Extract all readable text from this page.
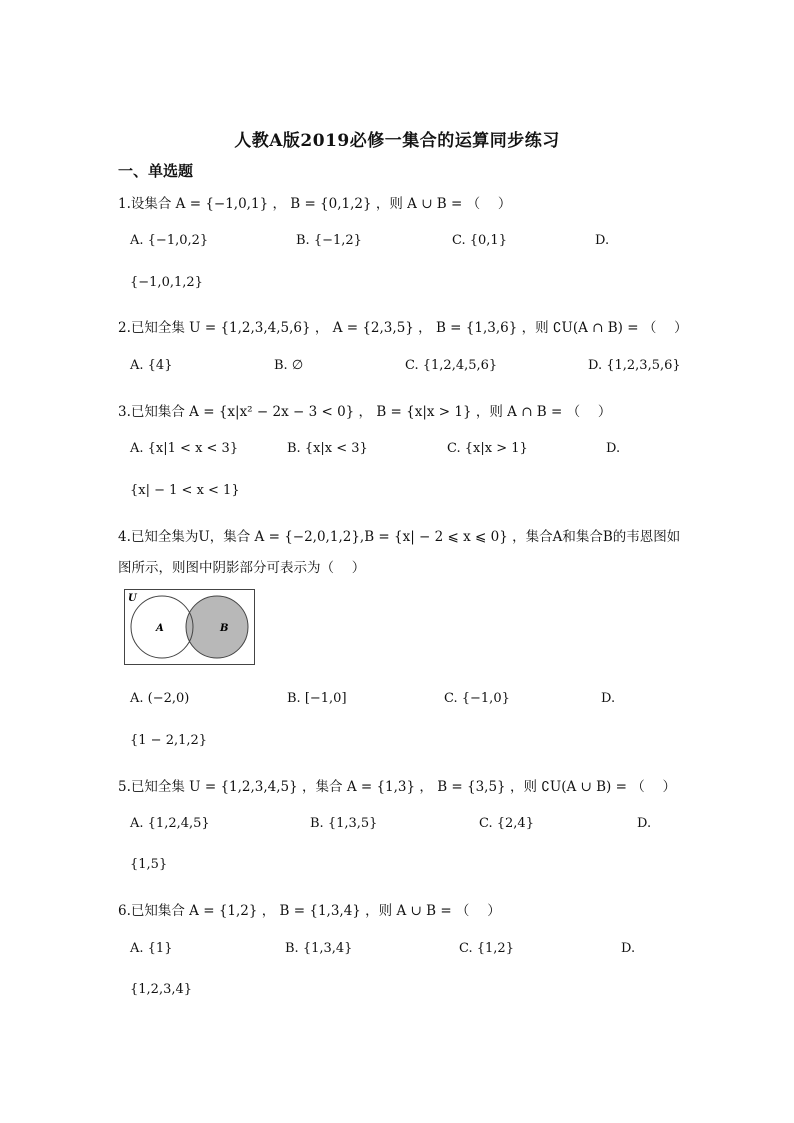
人教A版2019必修一集合的运算同步练习
一、单选题
1.设集合 A = {−1,0,1} ， B = {0,1,2} ，则 A ∪ B = （　 ）
A. {−1,0,2}	B. {−1,2}	C. {0,1}	D.
{−1,0,1,2}
2.已知全集 U = {1,2,3,4,5,6} ， A = {2,3,5} ， B = {1,3,6} ，则 ∁U(A ∩ B) = （　 ）
A. {4}	B. ∅	C. {1,2,4,5,6}	D. {1,2,3,5,6}
3.已知集合 A = {x|x² − 2x − 3 < 0} ， B = {x|x > 1} ，则 A ∩ B = （　 ）
A. {x|1 < x < 3}	B. {x|x < 3}	C. {x|x > 1}	D.
{x| − 1 < x < 1}
4.已知全集为U，集合 A = {−2,0,1,2},B = {x| − 2 ⩽ x ⩽ 0} ，集合A和集合B的韦恩图如
图所示，则图中阴影部分可表示为（　 ）
U
A	B
A. (−2,0)	B. [−1,0]	C. {−1,0}	D.
{1 − 2,1,2}
5.已知全集 U = {1,2,3,4,5} ，集合 A = {1,3} ， B = {3,5} ，则 ∁U(A ∪ B) = （　 ）
A. {1,2,4,5}	B. {1,3,5}	C. {2,4}	D.
{1,5}
6.已知集合 A = {1,2} ， B = {1,3,4} ，则 A ∪ B = （　 ）
A. {1}	B. {1,3,4}	C. {1,2}	D.
{1,2,3,4}
